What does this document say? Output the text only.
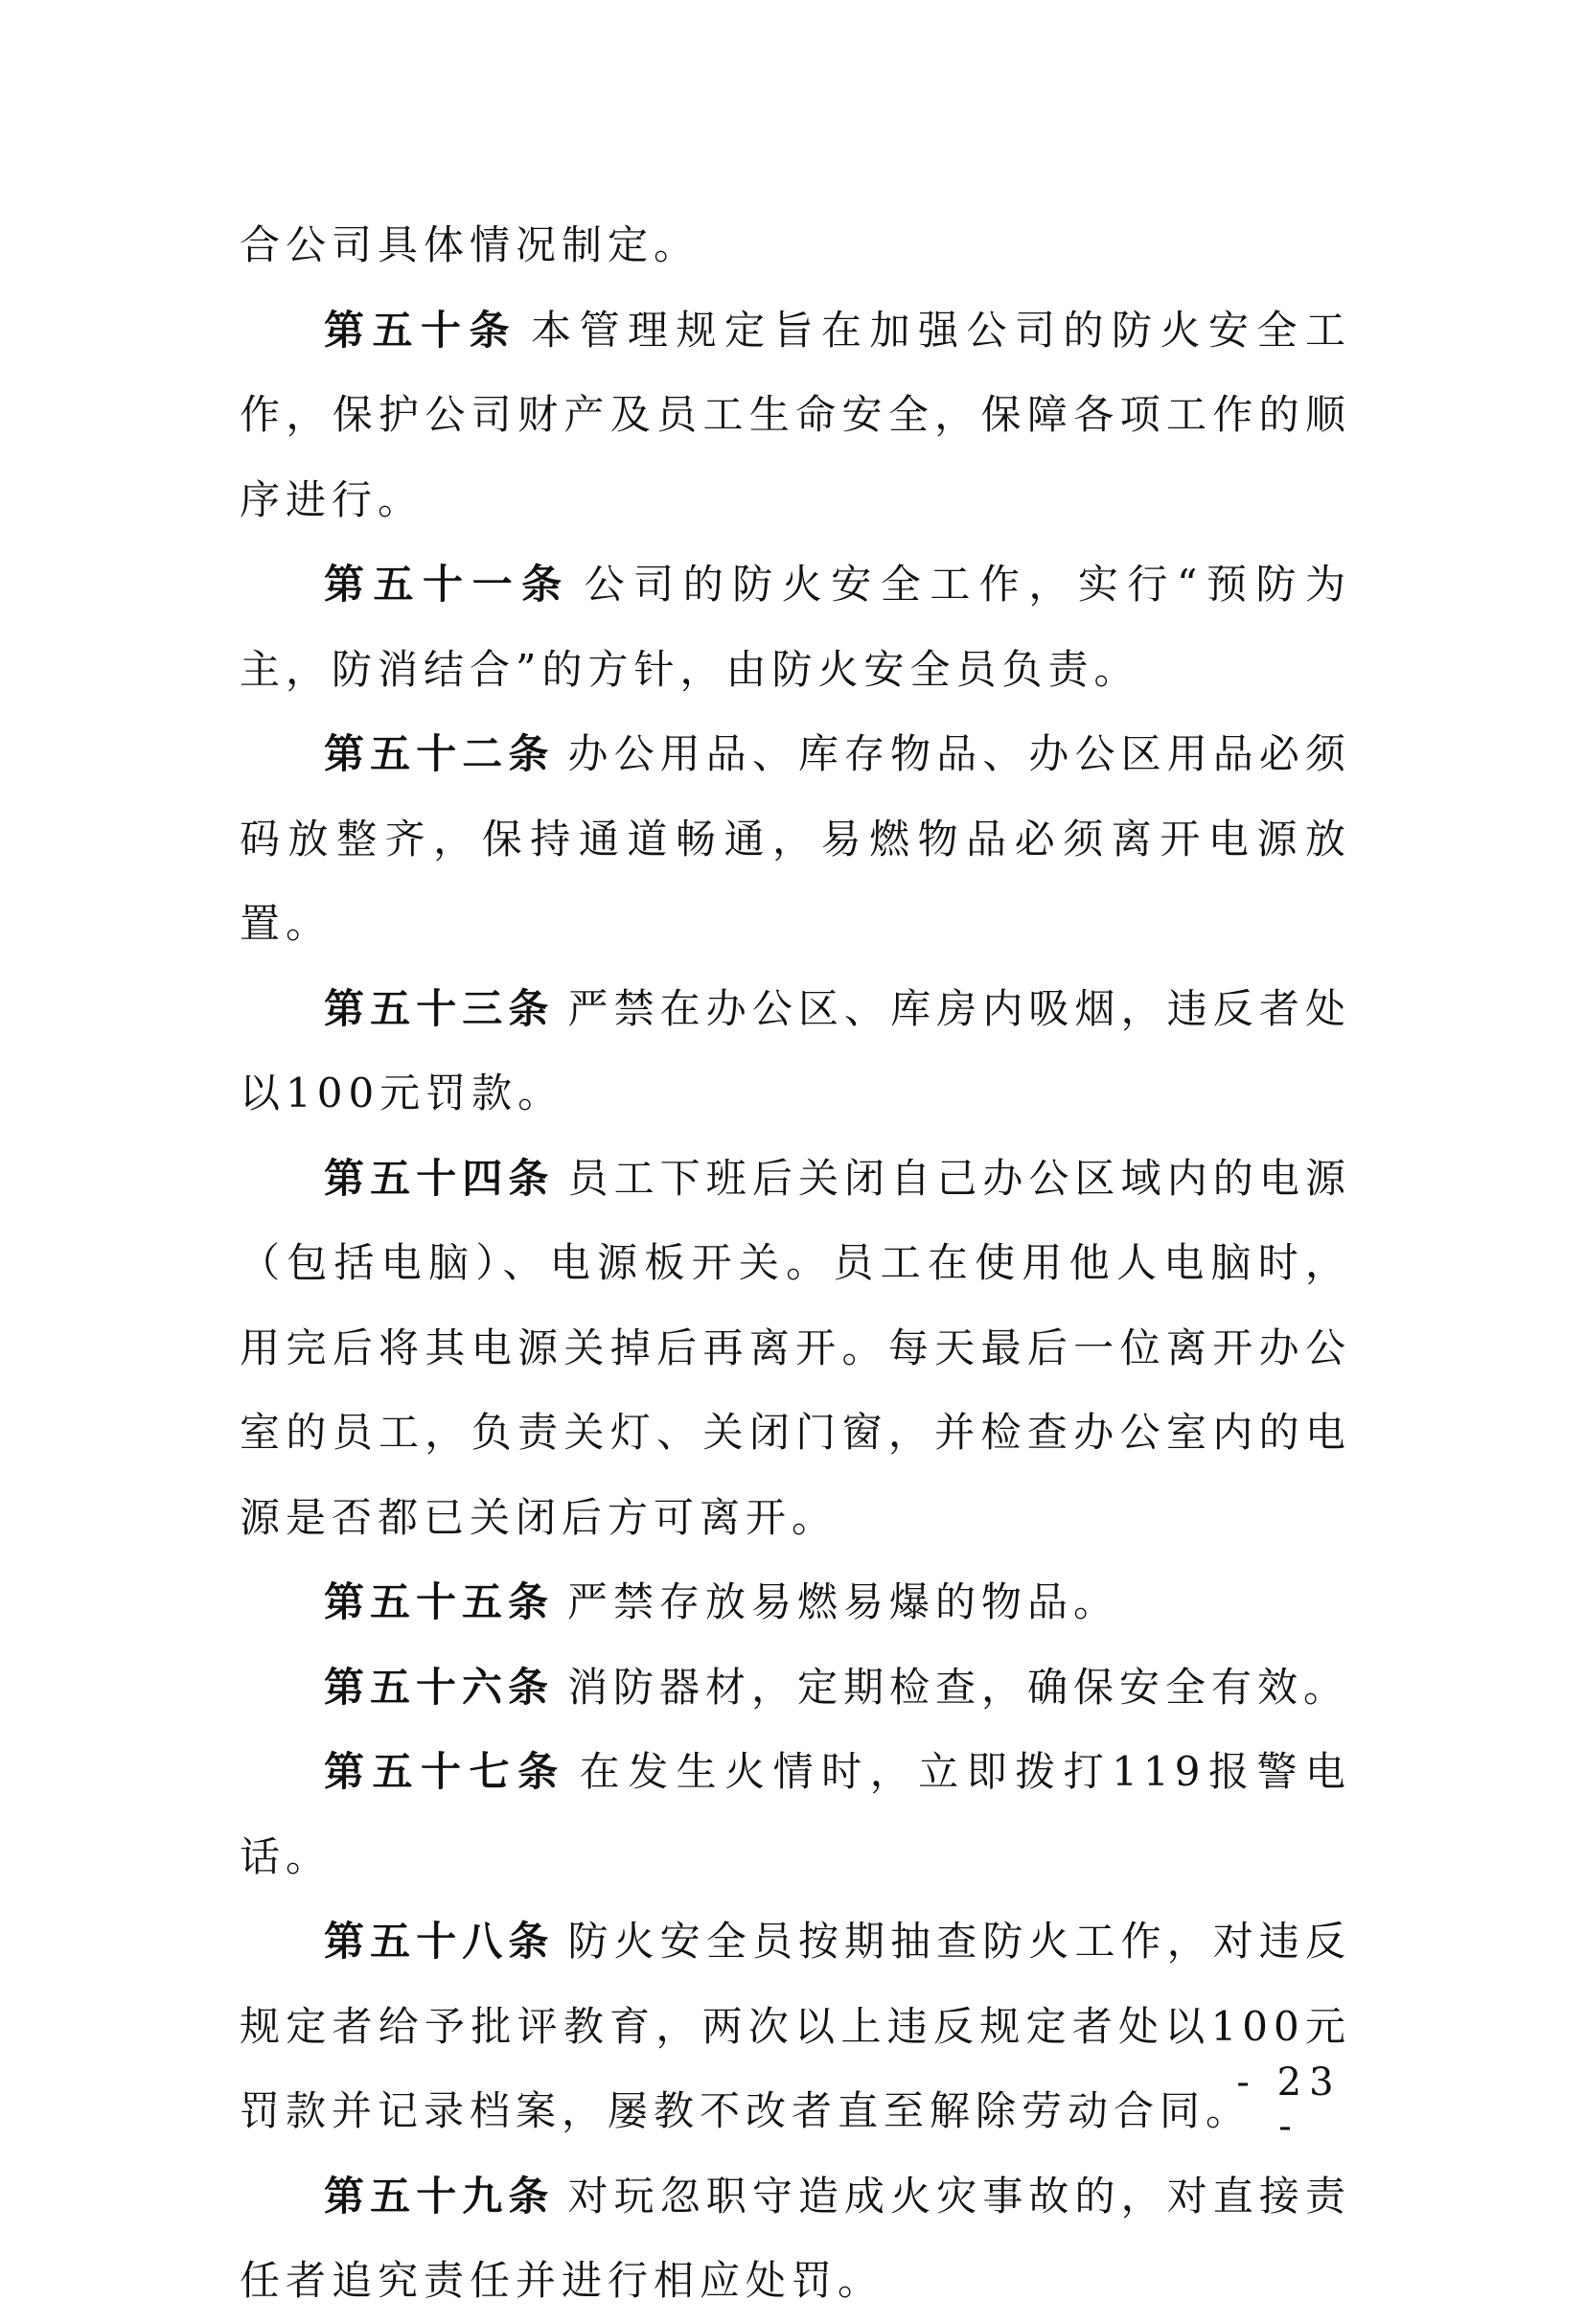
合公司具体情况制定。

第五十条 本管理规定旨在加强公司的防火安全工作，保护公司财产及员工生命安全，保障各项工作的顺序进行。

第五十一条 公司的防火安全工作，实行“预防为主，防消结合”的方针，由防火安全员负责。

第五十二条 办公用品、库存物品、办公区用品必须码放整齐，保持通道畅通，易燃物品必须离开电源放置。

第五十三条 严禁在办公区、库房内吸烟，违反者处以100元罚款。

第五十四条 员工下班后关闭自己办公区域内的电源（包括电脑）、电源板开关。员工在使用他人电脑时，用完后将其电源关掉后再离开。每天最后一位离开办公室的员工，负责关灯、关闭门窗，并检查办公室内的电源是否都已关闭后方可离开。

第五十五条 严禁存放易燃易爆的物品。

第五十六条 消防器材，定期检查，确保安全有效。

第五十七条 在发生火情时，立即拨打119报警电话。

第五十八条 防火安全员按期抽查防火工作，对违反规定者给予批评教育，两次以上违反规定者处以100元罚款并记录档案，屡教不改者直至解除劳动合同。

第五十九条 对玩忽职守造成火灾事故的，对直接责任者追究责任并进行相应处罚。

- 23 -
